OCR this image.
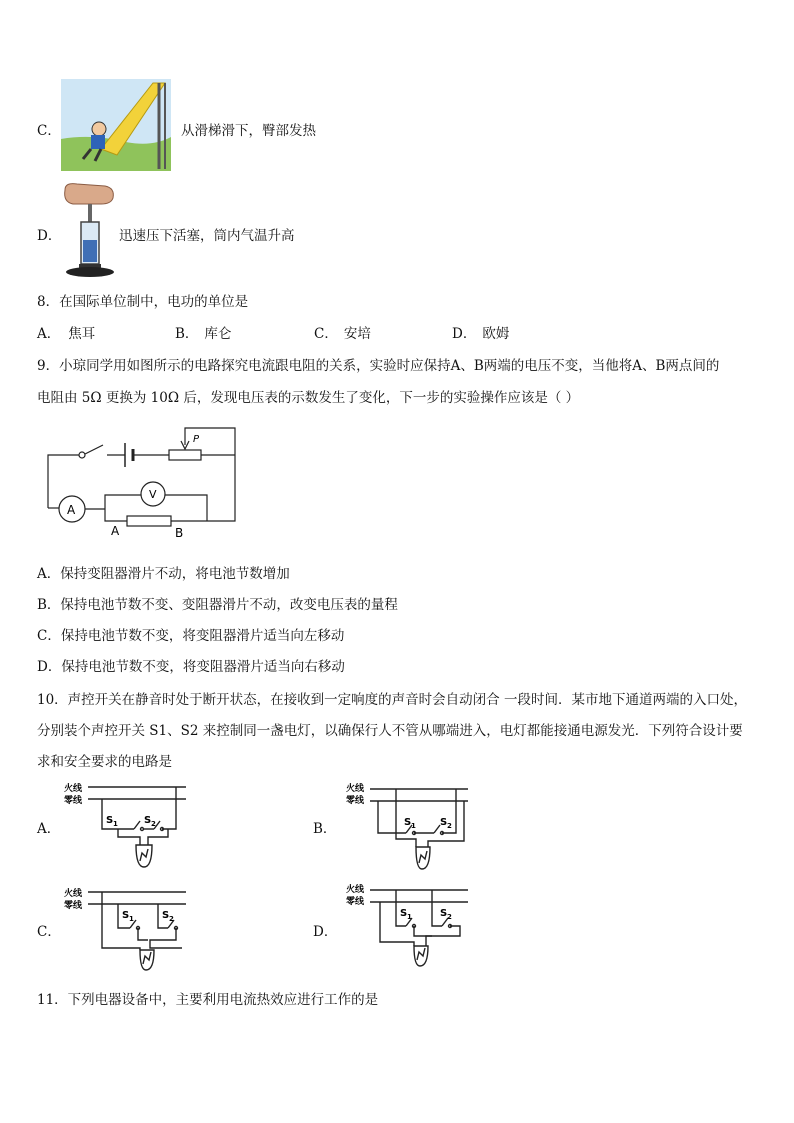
C．	从滑梯滑下，臀部发热
D．	迅速压下活塞，筒内气温升高
8．在国际单位制中，电功的单位是
A． 焦耳	B． 库仑	C． 安培	D． 欧姆
9．小琼同学用如图所示的电路探究电流跟电阻的关系，实验时应保持A、B两端的电压不变，当他将A、B两点间的
电阻由 5Ω 更换为 10Ω 后，发现电压表的示数发生了变化，下一步的实验操作应该是（ ）
P
V
A
A	B
A．保持变阻器滑片不动，将电池节数增加
B．保持电池节数不变、变阻器滑片不动，改变电压表的量程
C．保持电池节数不变，将变阻器滑片适当向左移动
D．保持电池节数不变，将变阻器滑片适当向右移动
10．声控开关在静音时处于断开状态，在接收到一定响度的声音时会自动闭合 一段时间．某市地下通道两端的入口处，
分别装个声控开关 S1、S2 来控制同一盏电灯，以确保行人不管从哪端进入，电灯都能接通电源发光．下列符合设计要
求和安全要求的电路是
A．
火线
零线
S 1	S 2	B．
火线
零线
S 1 S 2
C．
火线
零线
S 1	S 2
D．
火线
零线
S 1	S 2
11．下列电器设备中，主要利用电流热效应进行工作的是
